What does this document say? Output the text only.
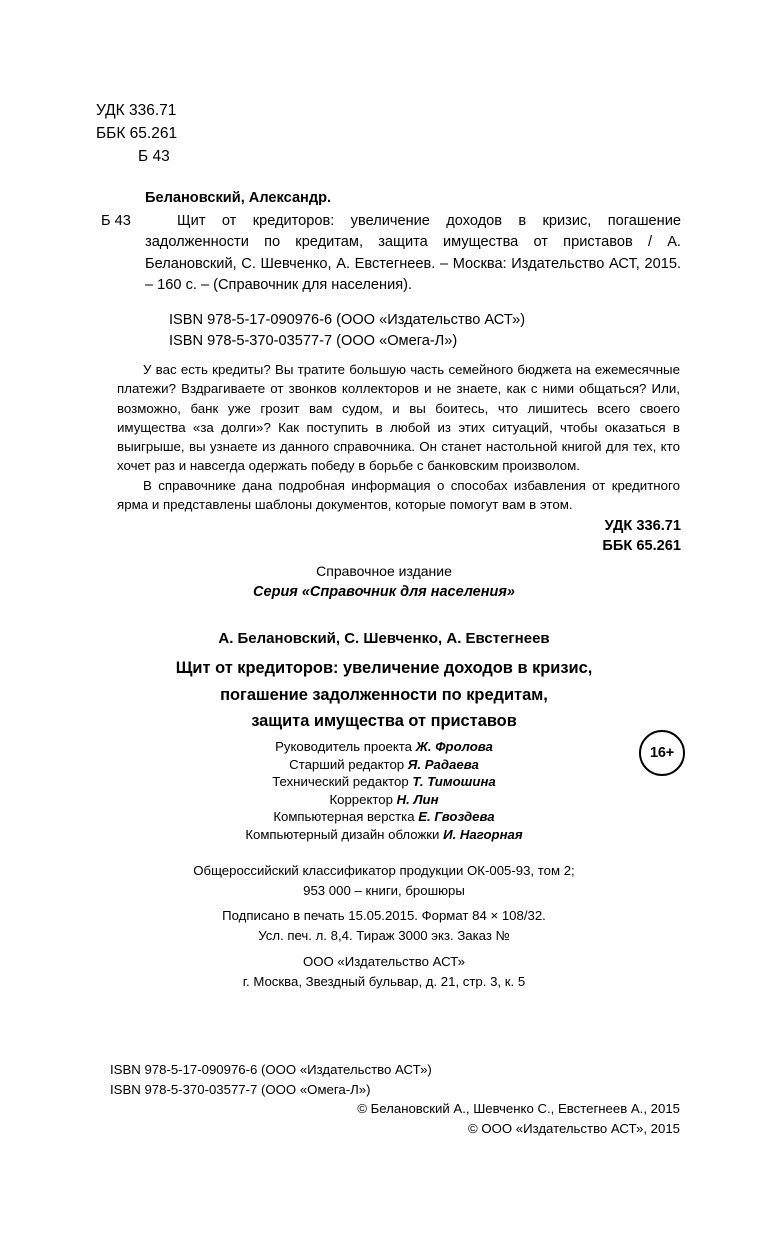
УДК 336.71
ББК 65.261
Б 43
Белановский, Александр.
Б 43	Щит от кредиторов: увеличение доходов в кризис, погашение задолженности по кредитам, защита имущества от приставов / А. Белановский, С. Шевченко, А. Евстегнеев. – Москва: Издательство АСТ, 2015. – 160 с. – (Справочник для населения).
ISBN 978-5-17-090976-6 (ООО «Издательство АСТ»)
ISBN 978-5-370-03577-7 (ООО «Омега-Л»)

У вас есть кредиты? Вы тратите большую часть семейного бюджета на ежемесячные платежи? Вздрагиваете от звонков коллекторов и не знаете, как с ними общаться? Или, возможно, банк уже грозит вам судом, и вы боитесь, что лишитесь всего своего имущества «за долги»? Как поступить в любой из этих ситуаций, чтобы оказаться в выигрыше, вы узнаете из данного справочника. Он станет настольной книгой для тех, кто хочет раз и навсегда одержать победу в борьбе с банковским произволом.

В справочнике дана подробная информация о способах избавления от кредитного ярма и представлены шаблоны документов, которые помогут вам в этом.

УДК 336.71
ББК 65.261
Справочное издание
Серия «Справочник для населения»
А. Белановский, С. Шевченко, А. Евстегнеев
Щит от кредиторов: увеличение доходов в кризис,
погашение задолженности по кредитам,
защита имущества от приставов
Руководитель проекта Ж. Фролова
Старший редактор Я. Радаева
Технический редактор Т. Тимошина
Корректор Н. Лин
Компьютерная верстка Е. Гвоздева
Компьютерный дизайн обложки И. Нагорная
16+
Общероссийский классификатор продукции ОК-005-93, том 2;
953 000 – книги, брошюры
Подписано в печать 15.05.2015. Формат 84 × 108/32.
Усл. печ. л. 8,4. Тираж 3000 экз. Заказ №
ООО «Издательство АСТ»
г. Москва, Звездный бульвар, д. 21, стр. 3, к. 5
ISBN 978-5-17-090976-6 (ООО «Издательство АСТ»)
ISBN 978-5-370-03577-7 (ООО «Омега-Л»)
© Белановский А., Шевченко С., Евстегнеев А., 2015
© ООО «Издательство АСТ», 2015
